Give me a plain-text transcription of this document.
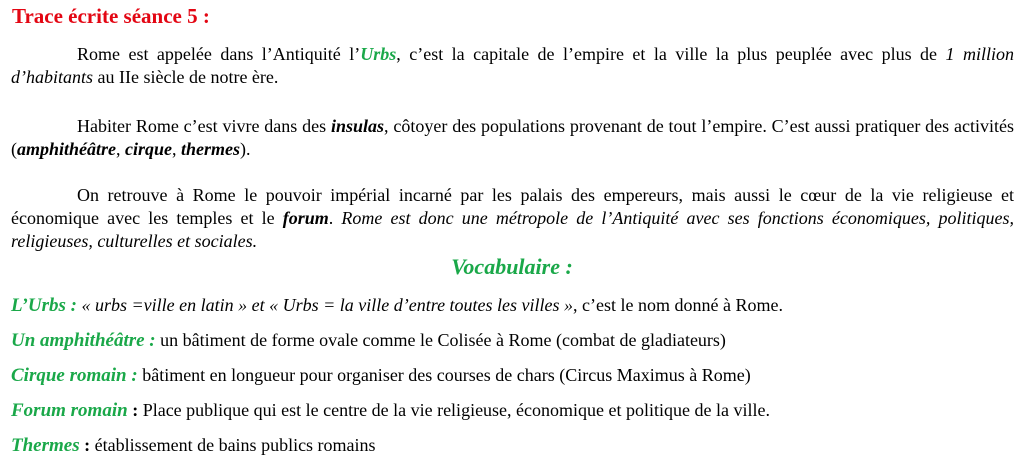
Trace écrite séance 5 :

Rome est appelée dans l’Antiquité l’Urbs, c’est la capitale de l’empire et la ville la plus peuplée avec plus de 1 million d’habitants au IIe siècle de notre ère.

Habiter Rome c’est vivre dans des insulas, côtoyer des populations provenant de tout l’empire. C’est aussi pratiquer des activités (amphithéâtre, cirque, thermes).

On retrouve à Rome le pouvoir impérial incarné par les palais des empereurs, mais aussi le cœur de la vie religieuse et économique avec les temples et le forum. Rome est donc une métropole de l’Antiquité avec ses fonctions économiques, politiques, religieuses, culturelles et sociales.

Vocabulaire :

L’Urbs : « urbs =ville en latin » et « Urbs = la ville d’entre toutes les villes », c’est le nom donné à Rome.

Un amphithéâtre : un bâtiment de forme ovale comme le Colisée à Rome (combat de gladiateurs)

Cirque romain : bâtiment en longueur pour organiser des courses de chars (Circus Maximus à Rome)

Forum romain : Place publique qui est le centre de la vie religieuse, économique et politique de la ville.

Thermes : établissement de bains publics romains
